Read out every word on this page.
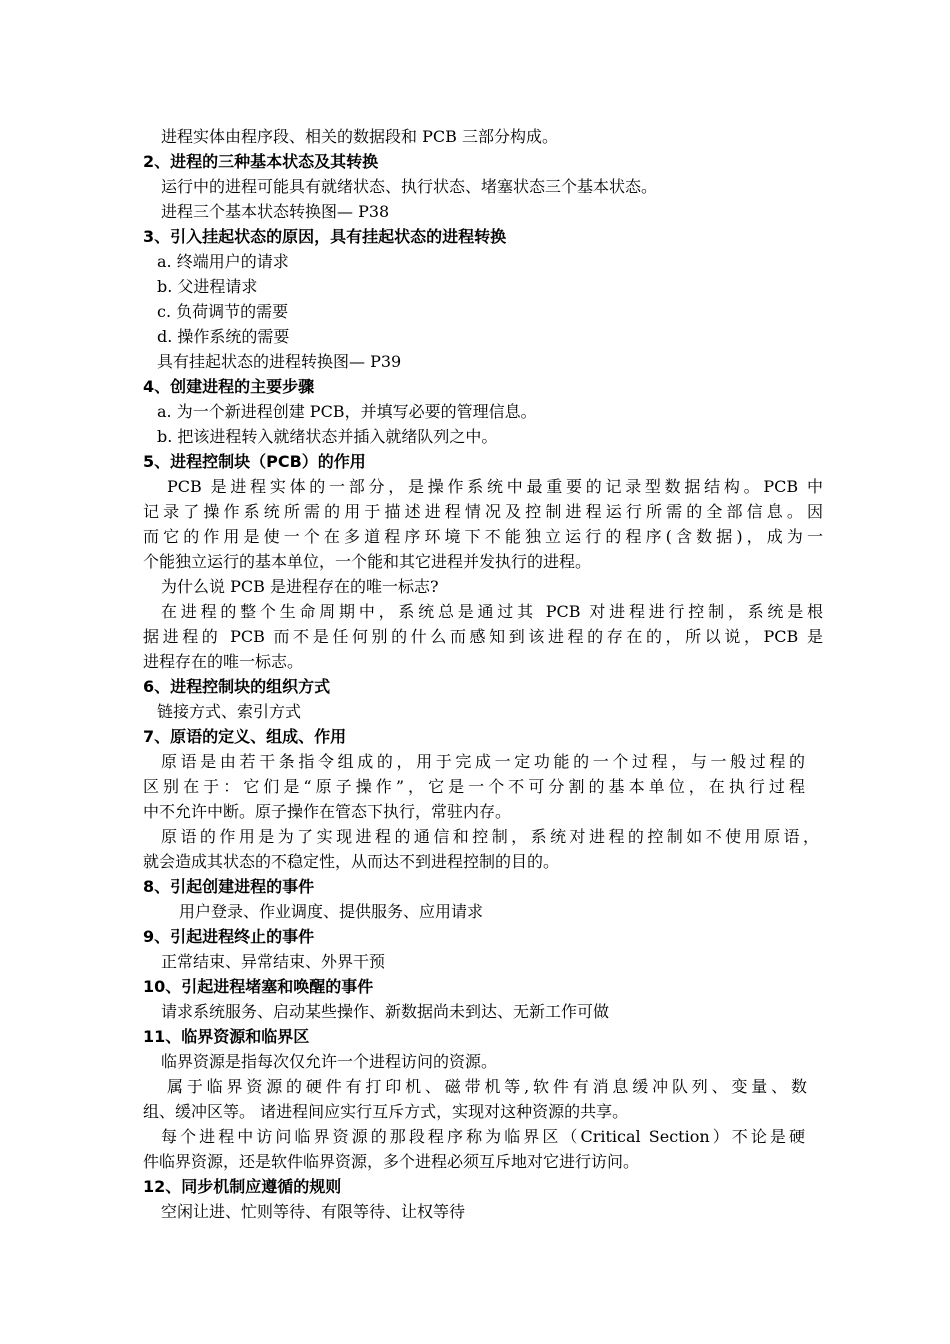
进程实体由程序段、相关的数据段和 PCB 三部分构成。
2、进程的三种基本状态及其转换
运行中的进程可能具有就绪状态、执行状态、堵塞状态三个基本状态。
进程三个基本状态转换图— P38
3、引入挂起状态的原因，具有挂起状态的进程转换
a. 终端用户的请求
b. 父进程请求
c. 负荷调节的需要
d. 操作系统的需要
具有挂起状态的进程转换图— P39
4、创建进程的主要步骤
a. 为一个新进程创建 PCB，并填写必要的管理信息。
b. 把该进程转入就绪状态并插入就绪队列之中。
5、进程控制块（PCB）的作用
PCB 是进程实体的一部分，是操作系统中最重要的记录型数据结构。PCB 中
记录了操作系统所需的用于描述进程情况及控制进程运行所需的全部信息。因
而它的作用是使一个在多道程序环境下不能独立运行的程序(含数据)，成为一
个能独立运行的基本单位，一个能和其它进程并发执行的进程。
为什么说 PCB 是进程存在的唯一标志?
在进程的整个生命周期中，系统总是通过其 PCB 对进程进行控制，系统是根
据进程的 PCB 而不是任何别的什么而感知到该进程的存在的，所以说，PCB 是
进程存在的唯一标志。
6、进程控制块的组织方式
链接方式、索引方式
7、原语的定义、组成、作用
原语是由若干条指令组成的，用于完成一定功能的一个过程，与一般过程的
区别在于：它们是“原子操作”，它是一个不可分割的基本单位，在执行过程
中不允许中断。原子操作在管态下执行，常驻内存。
原语的作用是为了实现进程的通信和控制，系统对进程的控制如不使用原语，
就会造成其状态的不稳定性，从而达不到进程控制的目的。
8、引起创建进程的事件
用户登录、作业调度、提供服务、应用请求
9、引起进程终止的事件
正常结束、异常结束、外界干预
10、引起进程堵塞和唤醒的事件
请求系统服务、启动某些操作、新数据尚未到达、无新工作可做
11、临界资源和临界区
临界资源是指每次仅允许一个进程访问的资源。
属于临界资源的硬件有打印机、磁带机等,软件有消息缓冲队列、变量、数
组、缓冲区等。 诸进程间应实行互斥方式，实现对这种资源的共享。
每个进程中访问临界资源的那段程序称为临界区（Critical Section）不论是硬
件临界资源，还是软件临界资源，多个进程必须互斥地对它进行访问。
12、同步机制应遵循的规则
空闲让进、忙则等待、有限等待、让权等待
